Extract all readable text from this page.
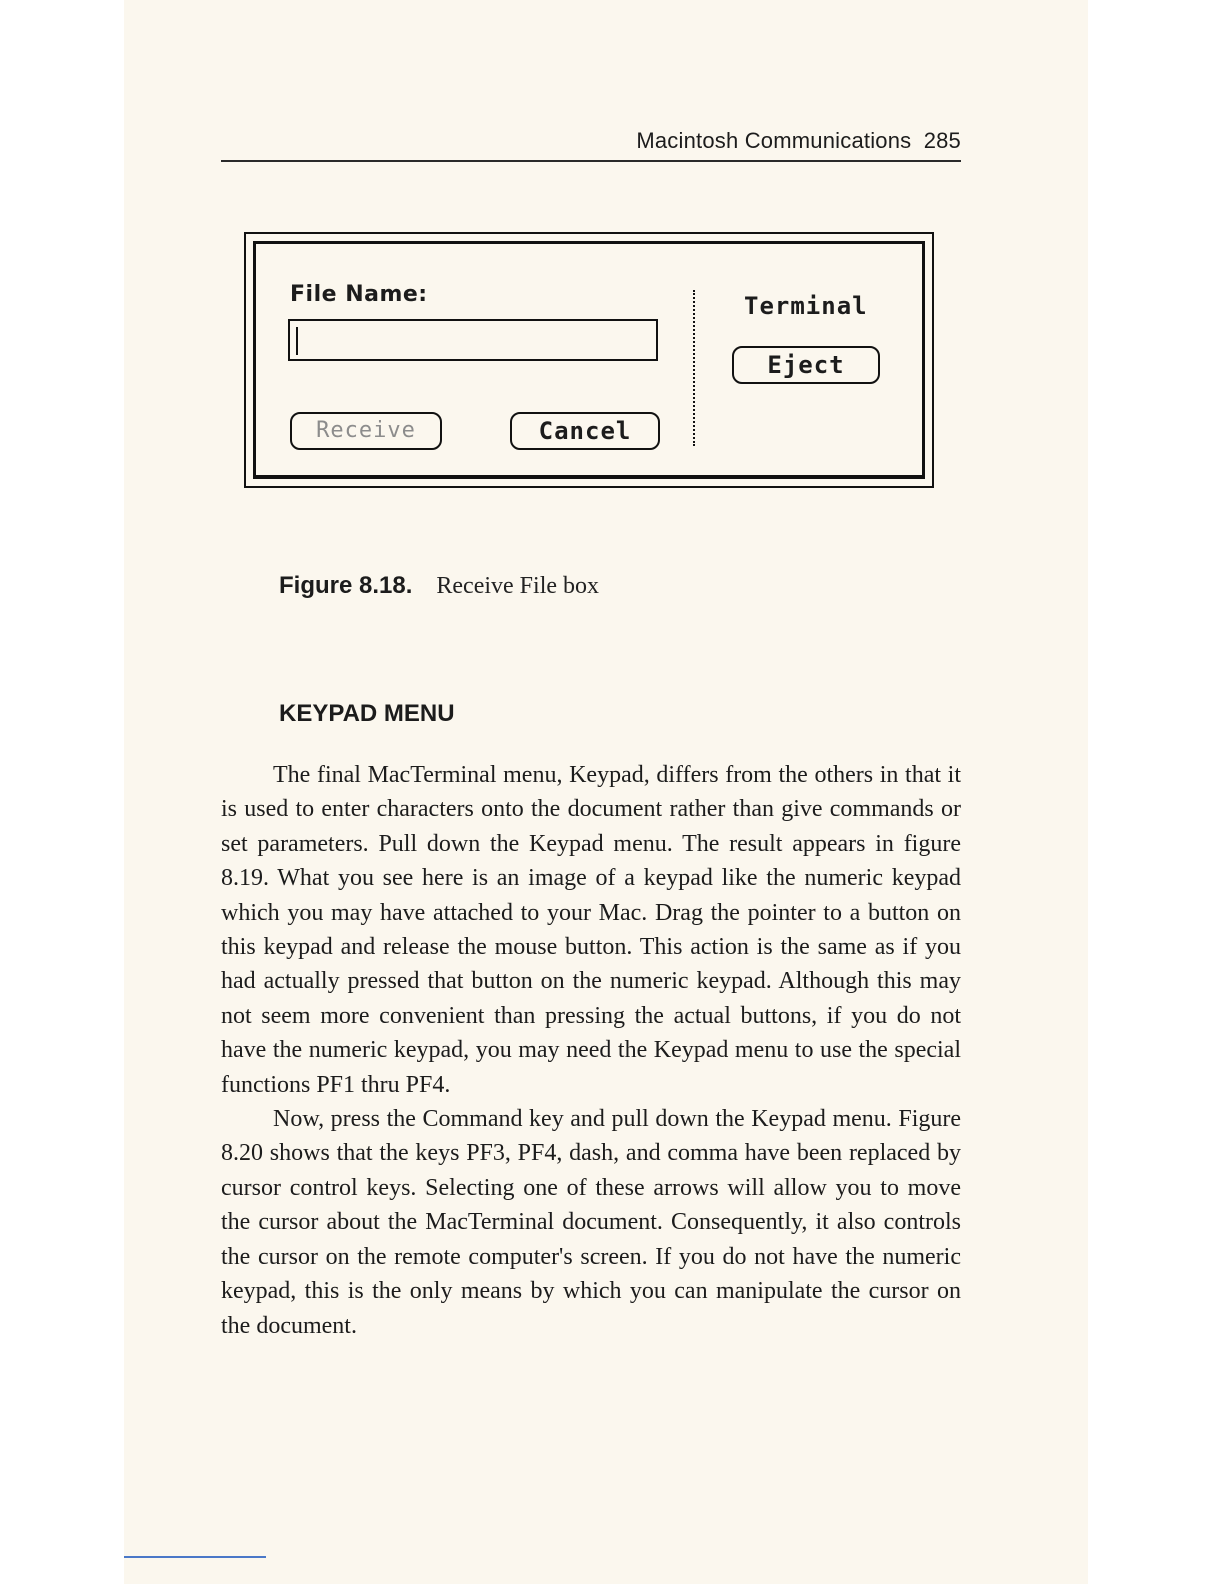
Macintosh Communications 285
File Name:
Receive	Cancel
Terminal
Eject
Figure 8.18. Receive File box
KEYPAD MENU

The final MacTerminal menu, Keypad, differs from the others in that it is used to enter characters onto the document rather than give commands or set parameters. Pull down the Keypad menu. The result appears in figure 8.19. What you see here is an image of a keypad like the numeric keypad which you may have attached to your Mac. Drag the pointer to a button on this keypad and release the mouse button. This action is the same as if you had actually pressed that button on the numeric keypad. Although this may not seem more convenient than pressing the actual buttons, if you do not have the numeric keypad, you may need the Keypad menu to use the special functions PF1 thru PF4.

Now, press the Command key and pull down the Keypad menu. Figure 8.20 shows that the keys PF3, PF4, dash, and comma have been replaced by cursor control keys. Selecting one of these arrows will allow you to move the cursor about the MacTerminal document. Consequently, it also controls the cursor on the remote computer's screen. If you do not have the numeric keypad, this is the only means by which you can manipulate the cursor on the document.
